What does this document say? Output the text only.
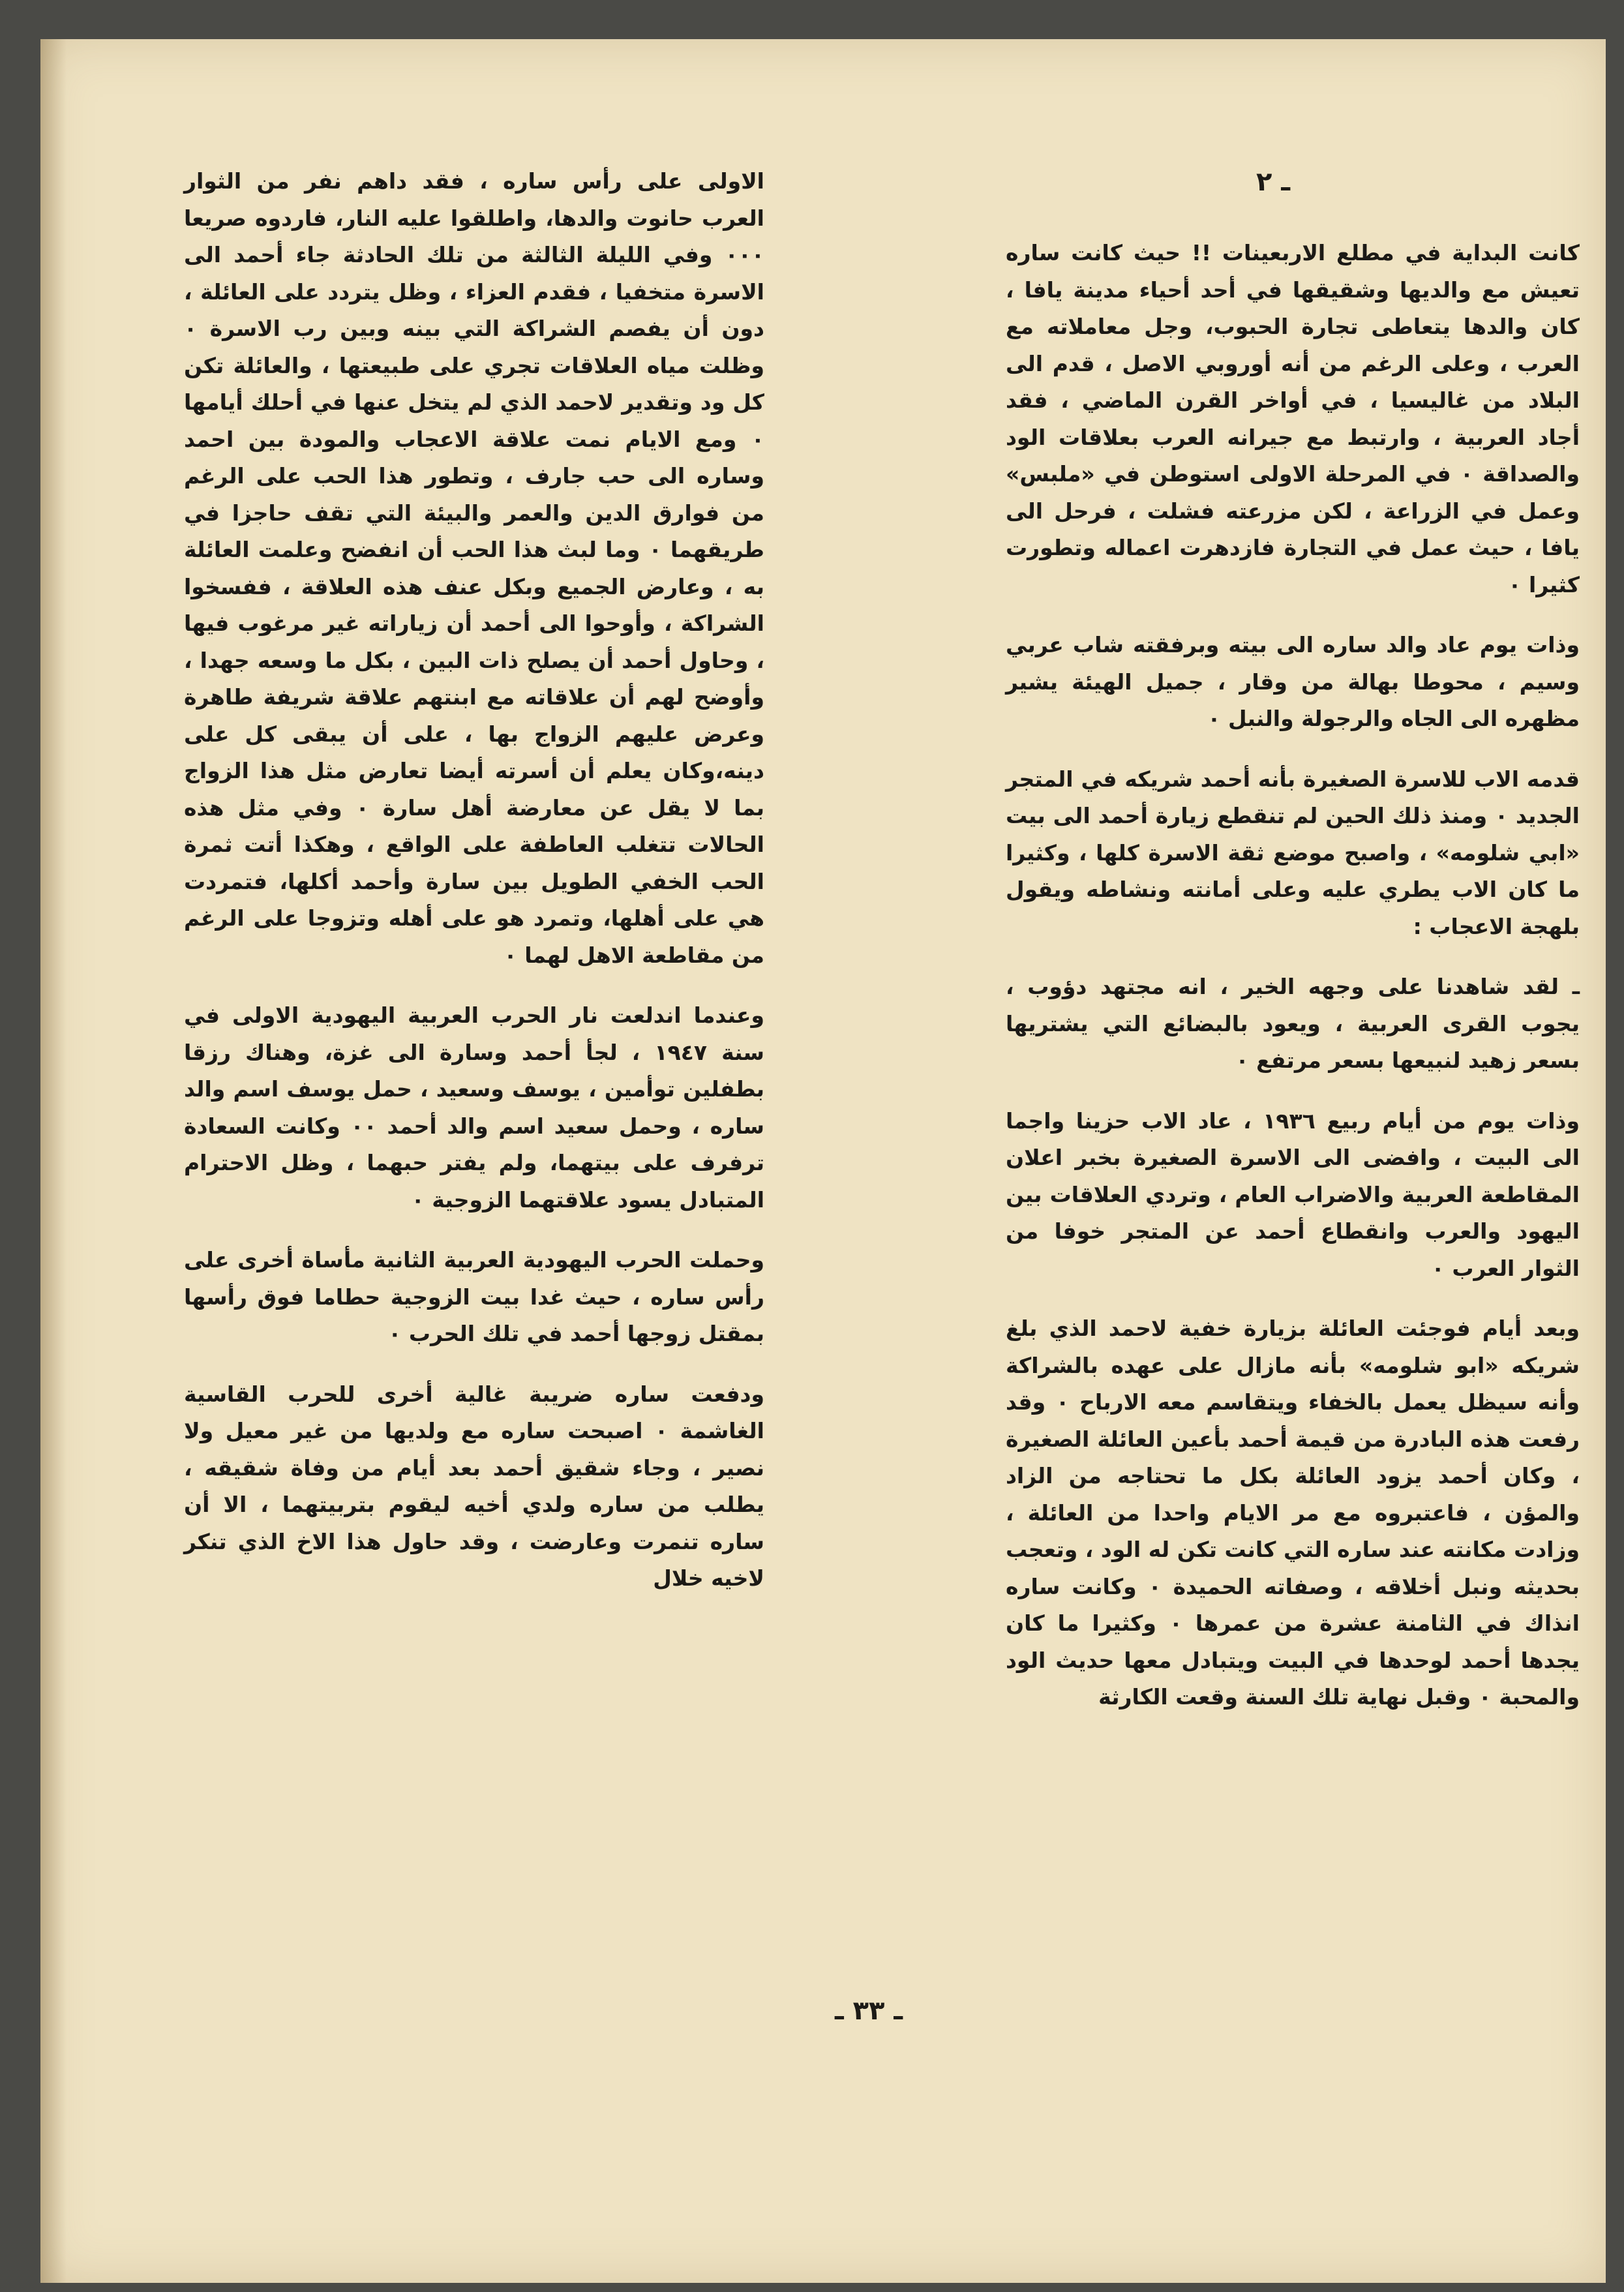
ـ ٢

كانت البداية في مطلع الاربعينات !! حيث كانت ساره تعيش مع والديها وشقيقها في أحد أحياء مدينة يافا ، كان والدها يتعاطى تجارة الحبوب، وجل معاملاته مع العرب ، وعلى الرغم من أنه أوروبي الاصل ، قدم الى البلاد من غاليسيا ، في أواخر القرن الماضي ، فقد أجاد العربية ، وارتبط مع جيرانه العرب بعلاقات الود والصداقة ٠ في المرحلة الاولى استوطن في «ملبس» وعمل في الزراعة ، لكن مزرعته فشلت ، فرحل الى يافا ، حيث عمل في التجارة فازدهرت اعماله وتطورت كثيرا ٠

وذات يوم عاد والد ساره الى بيته وبرفقته شاب عربي وسيم ، محوطا بهالة من وقار ، جميل الهيئة يشير مظهره الى الجاه والرجولة والنبل ٠

قدمه الاب للاسرة الصغيرة بأنه أحمد شريكه في المتجر الجديد ٠ ومنذ ذلك الحين لم تنقطع زيارة أحمد الى بيت «ابي شلومه» ، واصبح موضع ثقة الاسرة كلها ، وكثيرا ما كان الاب يطري عليه وعلى أمانته ونشاطه ويقول بلهجة الاعجاب :

ـ لقد شاهدنا على وجهه الخير ، انه مجتهد دؤوب ، يجوب القرى العربية ، ويعود بالبضائع التي يشتريها بسعر زهيد لنبيعها بسعر مرتفع ٠

وذات يوم من أيام ربيع ١٩٣٦ ، عاد الاب حزينا واجما الى البيت ، وافضى الى الاسرة الصغيرة بخبر اعلان المقاطعة العربية والاضراب العام ، وتردي العلاقات بين اليهود والعرب وانقطاع أحمد عن المتجر خوفا من الثوار العرب ٠

وبعد أيام فوجئت العائلة بزيارة خفية لاحمد الذي بلغ شريكه «ابو شلومه» بأنه مازال على عهده بالشراكة وأنه سيظل يعمل بالخفاء ويتقاسم معه الارباح ٠ وقد رفعت هذه البادرة من قيمة أحمد بأعين العائلة الصغيرة ، وكان أحمد يزود العائلة بكل ما تحتاجه من الزاد والمؤن ، فاعتبروه مع مر الايام واحدا من العائلة ، وزادت مكانته عند ساره التي كانت تكن له الود ، وتعجب بحديثه ونبل أخلاقه ، وصفاته الحميدة ٠ وكانت ساره انذاك في الثامنة عشرة من عمرها ٠ وكثيرا ما كان يجدها أحمد لوحدها في البيت ويتبادل معها حديث الود والمحبة ٠ وقبل نهاية تلك السنة وقعت الكارثة

الاولى على رأس ساره ، فقد داهم نفر من الثوار العرب حانوت والدها، واطلقوا عليه النار، فاردوه صريعا ٠٠٠ وفي الليلة الثالثة من تلك الحادثة جاء أحمد الى الاسرة متخفيا ، فقدم العزاء ، وظل يتردد على العائلة ، دون أن يفصم الشراكة التي بينه وبين رب الاسرة ٠ وظلت مياه العلاقات تجري على طبيعتها ، والعائلة تكن كل ود وتقدير لاحمد الذي لم يتخل عنها في أحلك أيامها ٠ ومع الايام نمت علاقة الاعجاب والمودة بين احمد وساره الى حب جارف ، وتطور هذا الحب على الرغم من فوارق الدين والعمر والبيئة التي تقف حاجزا في طريقهما ٠ وما لبث هذا الحب أن انفضح وعلمت العائلة به ، وعارض الجميع وبكل عنف هذه العلاقة ، ففسخوا الشراكة ، وأوحوا الى أحمد أن زياراته غير مرغوب فيها ، وحاول أحمد أن يصلح ذات البين ، بكل ما وسعه جهدا ، وأوضح لهم أن علاقاته مع ابنتهم علاقة شريفة طاهرة وعرض عليهم الزواج بها ، على أن يبقى كل على دينه،وكان يعلم أن أسرته أيضا تعارض مثل هذا الزواج بما لا يقل عن معارضة أهل سارة ٠ وفي مثل هذه الحالات تتغلب العاطفة على الواقع ، وهكذا أتت ثمرة الحب الخفي الطويل بين سارة وأحمد أكلها، فتمردت هي على أهلها، وتمرد هو على أهله وتزوجا على الرغم من مقاطعة الاهل لهما ٠

وعندما اندلعت نار الحرب العربية اليهودية الاولى في سنة ١٩٤٧ ، لجأ أحمد وسارة الى غزة، وهناك رزقا بطفلين توأمين ، يوسف وسعيد ، حمل يوسف اسم والد ساره ، وحمل سعيد اسم والد أحمد ٠٠ وكانت السعادة ترفرف على بيتهما، ولم يفتر حبهما ، وظل الاحترام المتبادل يسود علاقتهما الزوجية ٠

وحملت الحرب اليهودية العربية الثانية مأساة أخرى على رأس ساره ، حيث غدا بيت الزوجية حطاما فوق رأسها بمقتل زوجها أحمد في تلك الحرب ٠

ودفعت ساره ضريبة غالية أخرى للحرب القاسية الغاشمة ٠ اصبحت ساره مع ولديها من غير معيل ولا نصير ، وجاء شقيق أحمد بعد أيام من وفاة شقيقه ، يطلب من ساره ولدي أخيه ليقوم بتربيتهما ، الا أن ساره تنمرت وعارضت ، وقد حاول هذا الاخ الذي تنكر لاخيه خلال

ـ ٣٣ ـ
